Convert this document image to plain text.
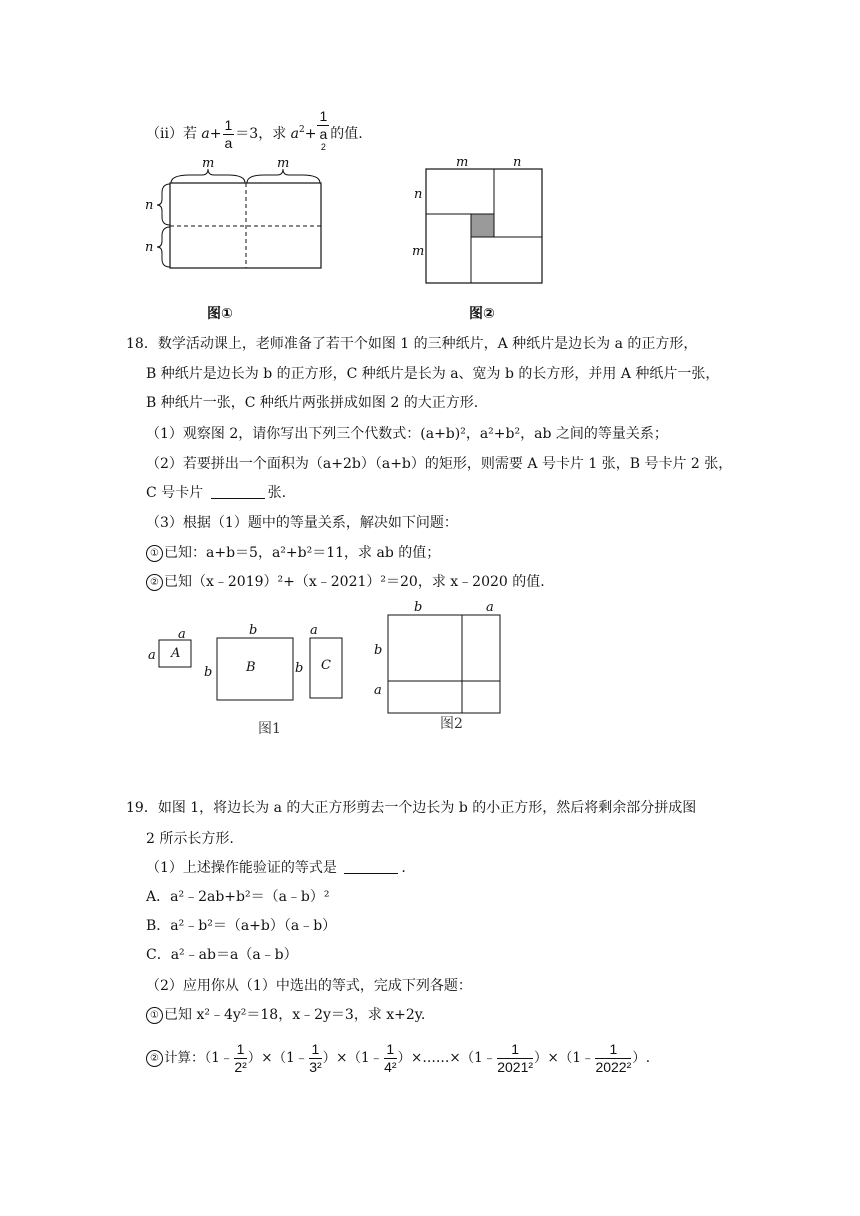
（ii）若 $a+ \frac{1}{a} =3$，求 $a^2+ 1$
a
$^2$ 的值.
m	m
n
n
m	n
n
m
图①	图②
18．数学活动课上，老师准备了若干个如图 1 的三种纸片，A 种纸片是边长为 a 的正方形，
B 种纸片是边长为 b 的正方形，C 种纸片是长为 a、宽为 b 的长方形，并用 A 种纸片一张，
B 种纸片一张，C 种纸片两张拼成如图 2 的大正方形.
（1）观察图 2，请你写出下列三个代数式：(a+b)²，a²+b²，ab 之间的等量关系；
（2）若要拼出一个面积为（a+2b）（a+b）的矩形，则需要 A 号卡片 1 张，B 号卡片 2 张，
C 号卡片	张.
（3）根据（1）题中的等量关系，解决如下问题：
① 已知：a+b＝5，a²+b²＝11，求 ab 的值；
② 已知（x﹣2019）²+（x﹣2021）²＝20，求 x﹣2020 的值.
A
a
a
B
b
b	C
a
b
b	a
b
a
图1	图2
19．如图 1，将边长为 a 的大正方形剪去一个边长为 b 的小正方形，然后将剩余部分拼成图
2 所示长方形.
（1）上述操作能验证的等式是	.
A．a²﹣2ab+b²＝（a﹣b）²
B．a²﹣b²＝（a+b）（a﹣b）
C．a²﹣ab＝a（a﹣b）
（2）应用你从（1）中选出的等式，完成下列各题：
① 已知 x²﹣4y²＝18，x﹣2y＝3，求 x+2y.
② 计算：（1﹣ $\frac{1}{\text{2²}}$ ）×（1﹣ $\frac{1}{\text{3²}}$ ）×（1﹣ $\frac{1}{\text{4²}}$ ）×……×（1﹣ $\frac{1}{\text{2021²}}$ ）×（1﹣ $\frac{1}{\text{2022²}}$ ）.
